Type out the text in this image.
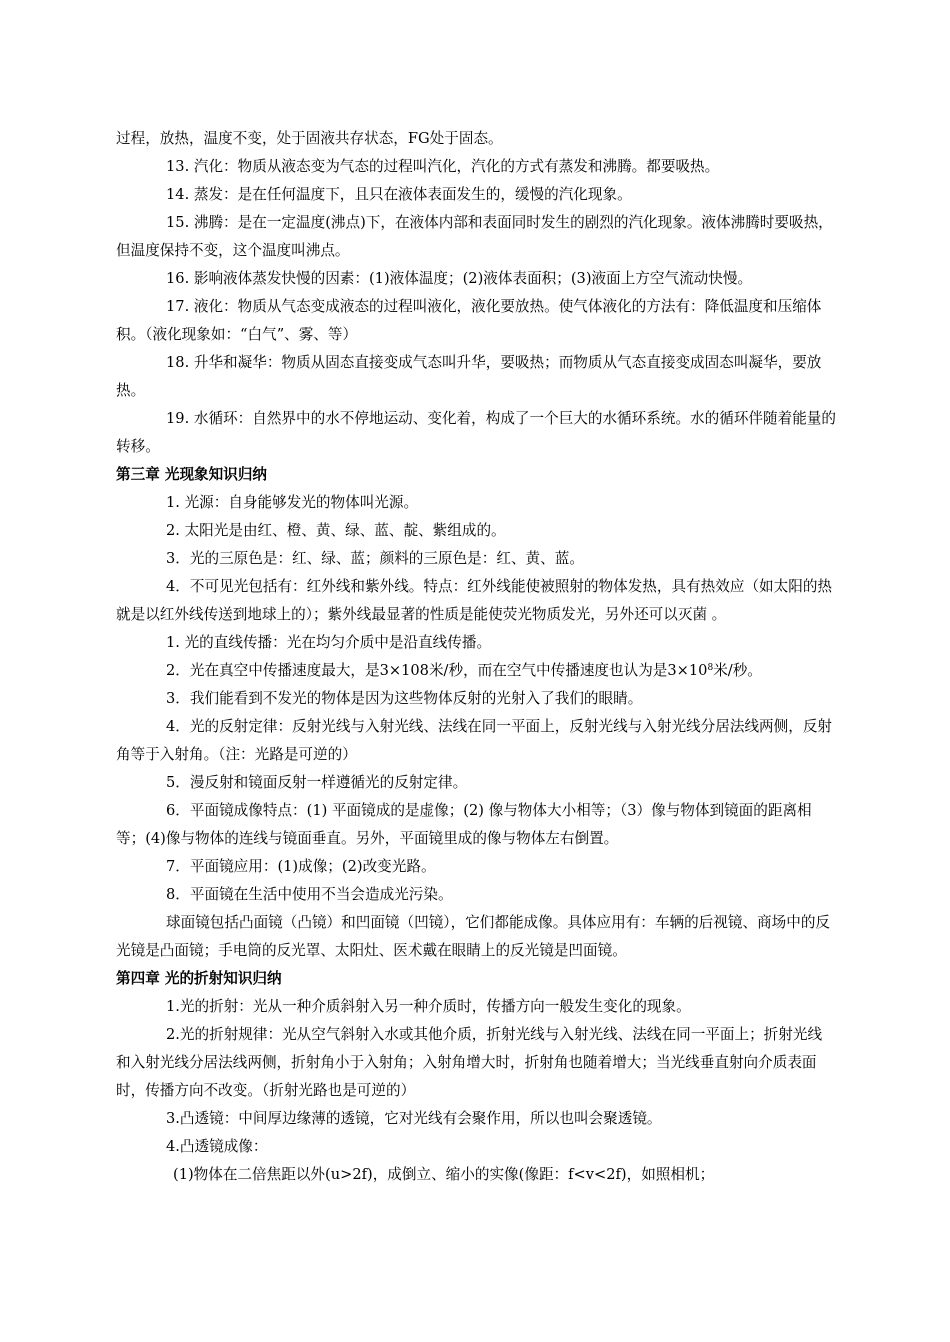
过程，放热，温度不变，处于固液共存状态，FG处于固态。

13. 汽化：物质从液态变为气态的过程叫汽化，汽化的方式有蒸发和沸腾。都要吸热。

14. 蒸发：是在任何温度下，且只在液体表面发生的，缓慢的汽化现象。

15. 沸腾：是在一定温度(沸点)下，在液体内部和表面同时发生的剧烈的汽化现象。液体沸腾时要吸热，但温度保持不变，这个温度叫沸点。

16. 影响液体蒸发快慢的因素：(1)液体温度；(2)液体表面积；(3)液面上方空气流动快慢。

17. 液化：物质从气态变成液态的过程叫液化，液化要放热。使气体液化的方法有：降低温度和压缩体积。（液化现象如：“白气”、雾、等）

18. 升华和凝华：物质从固态直接变成气态叫升华，要吸热；而物质从气态直接变成固态叫凝华，要放热。

19. 水循环：自然界中的水不停地运动、变化着，构成了一个巨大的水循环系统。水的循环伴随着能量的转移。

第三章 光现象知识归纳

1. 光源：自身能够发光的物体叫光源。

2. 太阳光是由红、橙、黄、绿、蓝、靛、紫组成的。

3．光的三原色是：红、绿、蓝；颜料的三原色是：红、黄、蓝。

4．不可见光包括有：红外线和紫外线。特点：红外线能使被照射的物体发热，具有热效应（如太阳的热就是以红外线传送到地球上的）；紫外线最显著的性质是能使荧光物质发光，另外还可以灭菌 。

1. 光的直线传播：光在均匀介质中是沿直线传播。

2．光在真空中传播速度最大，是3×108米/秒，而在空气中传播速度也认为是$3\times 10^8$米/秒。

3．我们能看到不发光的物体是因为这些物体反射的光射入了我们的眼睛。

4．光的反射定律：反射光线与入射光线、法线在同一平面上，反射光线与入射光线分居法线两侧，反射角等于入射角。（注：光路是可逆的）

5．漫反射和镜面反射一样遵循光的反射定律。

6．平面镜成像特点：(1) 平面镜成的是虚像；(2) 像与物体大小相等；（3）像与物体到镜面的距离相等；(4)像与物体的连线与镜面垂直。另外，平面镜里成的像与物体左右倒置。

7．平面镜应用：(1)成像；(2)改变光路。

8．平面镜在生活中使用不当会造成光污染。

球面镜包括凸面镜（凸镜）和凹面镜（凹镜），它们都能成像。具体应用有：车辆的后视镜、商场中的反光镜是凸面镜；手电筒的反光罩、太阳灶、医术戴在眼睛上的反光镜是凹面镜。

第四章 光的折射知识归纳

1.光的折射：光从一种介质斜射入另一种介质时，传播方向一般发生变化的现象。

2.光的折射规律：光从空气斜射入水或其他介质，折射光线与入射光线、法线在同一平面上；折射光线和入射光线分居法线两侧，折射角小于入射角；入射角增大时，折射角也随着增大；当光线垂直射向介质表面时，传播方向不改变。（折射光路也是可逆的）

3.凸透镜：中间厚边缘薄的透镜，它对光线有会聚作用，所以也叫会聚透镜。

4.凸透镜成像：

(1)物体在二倍焦距以外(u>2f)，成倒立、缩小的实像(像距：f<v<2f)，如照相机；
